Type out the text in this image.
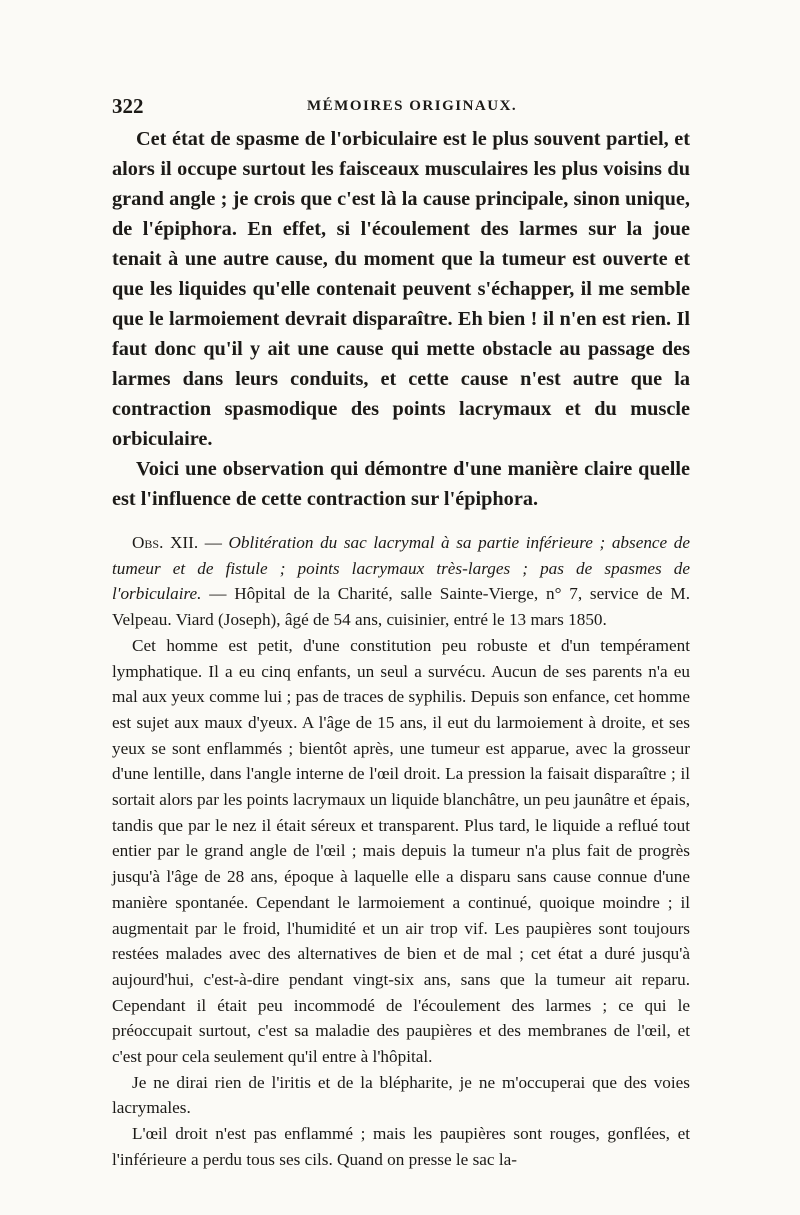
322	MÉMOIRES ORIGINAUX.

Cet état de spasme de l'orbiculaire est le plus souvent partiel, et alors il occupe surtout les faisceaux musculaires les plus voisins du grand angle ; je crois que c'est là la cause principale, sinon unique, de l'épiphora. En effet, si l'écoulement des larmes sur la joue tenait à une autre cause, du moment que la tumeur est ouverte et que les liquides qu'elle contenait peuvent s'échapper, il me semble que le larmoiement devrait disparaître. Eh bien ! il n'en est rien. Il faut donc qu'il y ait une cause qui mette obstacle au passage des larmes dans leurs conduits, et cette cause n'est autre que la contraction spasmodique des points lacrymaux et du muscle orbiculaire.

Voici une observation qui démontre d'une manière claire quelle est l'influence de cette contraction sur l'épiphora.

Obs. XII. — Oblitération du sac lacrymal à sa partie inférieure ; absence de tumeur et de fistule ; points lacrymaux très-larges ; pas de spasmes de l'orbiculaire. — Hôpital de la Charité, salle Sainte-Vierge, n° 7, service de M. Velpeau. Viard (Joseph), âgé de 54 ans, cuisinier, entré le 13 mars 1850.

Cet homme est petit, d'une constitution peu robuste et d'un tempérament lymphatique. Il a eu cinq enfants, un seul a survécu. Aucun de ses parents n'a eu mal aux yeux comme lui ; pas de traces de syphilis. Depuis son enfance, cet homme est sujet aux maux d'yeux. A l'âge de 15 ans, il eut du larmoiement à droite, et ses yeux se sont enflammés ; bientôt après, une tumeur est apparue, avec la grosseur d'une lentille, dans l'angle interne de l'œil droit. La pression la faisait disparaître ; il sortait alors par les points lacrymaux un liquide blanchâtre, un peu jaunâtre et épais, tandis que par le nez il était séreux et transparent. Plus tard, le liquide a reflué tout entier par le grand angle de l'œil ; mais depuis la tumeur n'a plus fait de progrès jusqu'à l'âge de 28 ans, époque à laquelle elle a disparu sans cause connue d'une manière spontanée. Cependant le larmoiement a continué, quoique moindre ; il augmentait par le froid, l'humidité et un air trop vif. Les paupières sont toujours restées malades avec des alternatives de bien et de mal ; cet état a duré jusqu'à aujourd'hui, c'est-à-dire pendant vingt-six ans, sans que la tumeur ait reparu. Cependant il était peu incommodé de l'écoulement des larmes ; ce qui le préoccupait surtout, c'est sa maladie des paupières et des membranes de l'œil, et c'est pour cela seulement qu'il entre à l'hôpital.

Je ne dirai rien de l'iritis et de la blépharite, je ne m'occuperai que des voies lacrymales.

L'œil droit n'est pas enflammé ; mais les paupières sont rouges, gonflées, et l'inférieure a perdu tous ses cils. Quand on presse le sac la-
